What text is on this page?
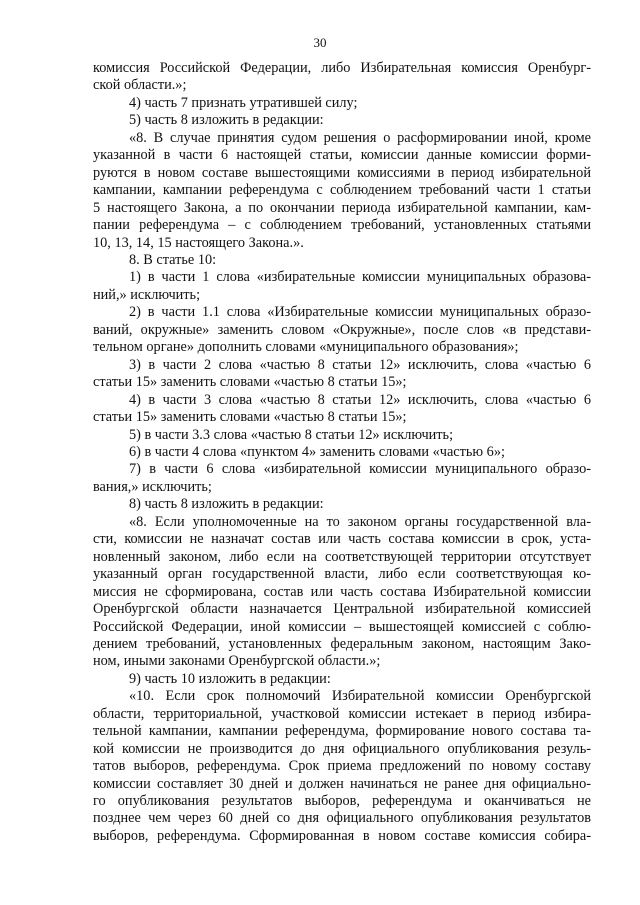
30

комиссия Российской Федерации, либо Избирательная комиссия Оренбург-

ской области.»;

4) часть 7 признать утратившей силу;

5) часть 8 изложить в редакции:

«8. В случае принятия судом решения о расформировании иной, кроме

указанной в части 6 настоящей статьи, комиссии данные комиссии форми-

руются в новом составе вышестоящими комиссиями в период избирательной

кампании, кампании референдума с соблюдением требований части 1 статьи

5 настоящего Закона, а по окончании периода избирательной кампании, кам-

пании референдума – с соблюдением требований, установленных статьями

10, 13, 14, 15 настоящего Закона.».

8. В статье 10:

1) в части 1 слова «избирательные комиссии муниципальных образова-

ний,» исключить;

2) в части 1.1 слова «Избирательные комиссии муниципальных образо-

ваний, окружные» заменить словом «Окружные», после слов «в представи-

тельном органе» дополнить словами «муниципального образования»;

3) в части 2 слова «частью 8 статьи 12» исключить, слова «частью 6

статьи 15» заменить словами «частью 8 статьи 15»;

4) в части 3 слова «частью 8 статьи 12» исключить, слова «частью 6

статьи 15» заменить словами «частью 8 статьи 15»;

5) в части 3.3 слова «частью 8 статьи 12» исключить;

6) в части 4 слова «пунктом 4» заменить словами «частью 6»;

7) в части 6 слова «избирательной комиссии муниципального образо-

вания,» исключить;

8) часть 8 изложить в редакции:

«8. Если уполномоченные на то законом органы государственной вла-

сти, комиссии не назначат состав или часть состава комиссии в срок, уста-

новленный законом, либо если на соответствующей территории отсутствует

указанный орган государственной власти, либо если соответствующая ко-

миссия не сформирована, состав или часть состава Избирательной комиссии

Оренбургской области назначается Центральной избирательной комиссией

Российской Федерации, иной комиссии – вышестоящей комиссией с соблю-

дением требований, установленных федеральным законом, настоящим Зако-

ном, иными законами Оренбургской области.»;

9) часть 10 изложить в редакции:

«10. Если срок полномочий Избирательной комиссии Оренбургской

области, территориальной, участковой комиссии истекает в период избира-

тельной кампании, кампании референдума, формирование нового состава та-

кой комиссии не производится до дня официального опубликования резуль-

татов выборов, референдума. Срок приема предложений по новому составу

комиссии составляет 30 дней и должен начинаться не ранее дня официально-

го опубликования результатов выборов, референдума и оканчиваться не

позднее чем через 60 дней со дня официального опубликования результатов

выборов, референдума. Сформированная в новом составе комиссия собира-
